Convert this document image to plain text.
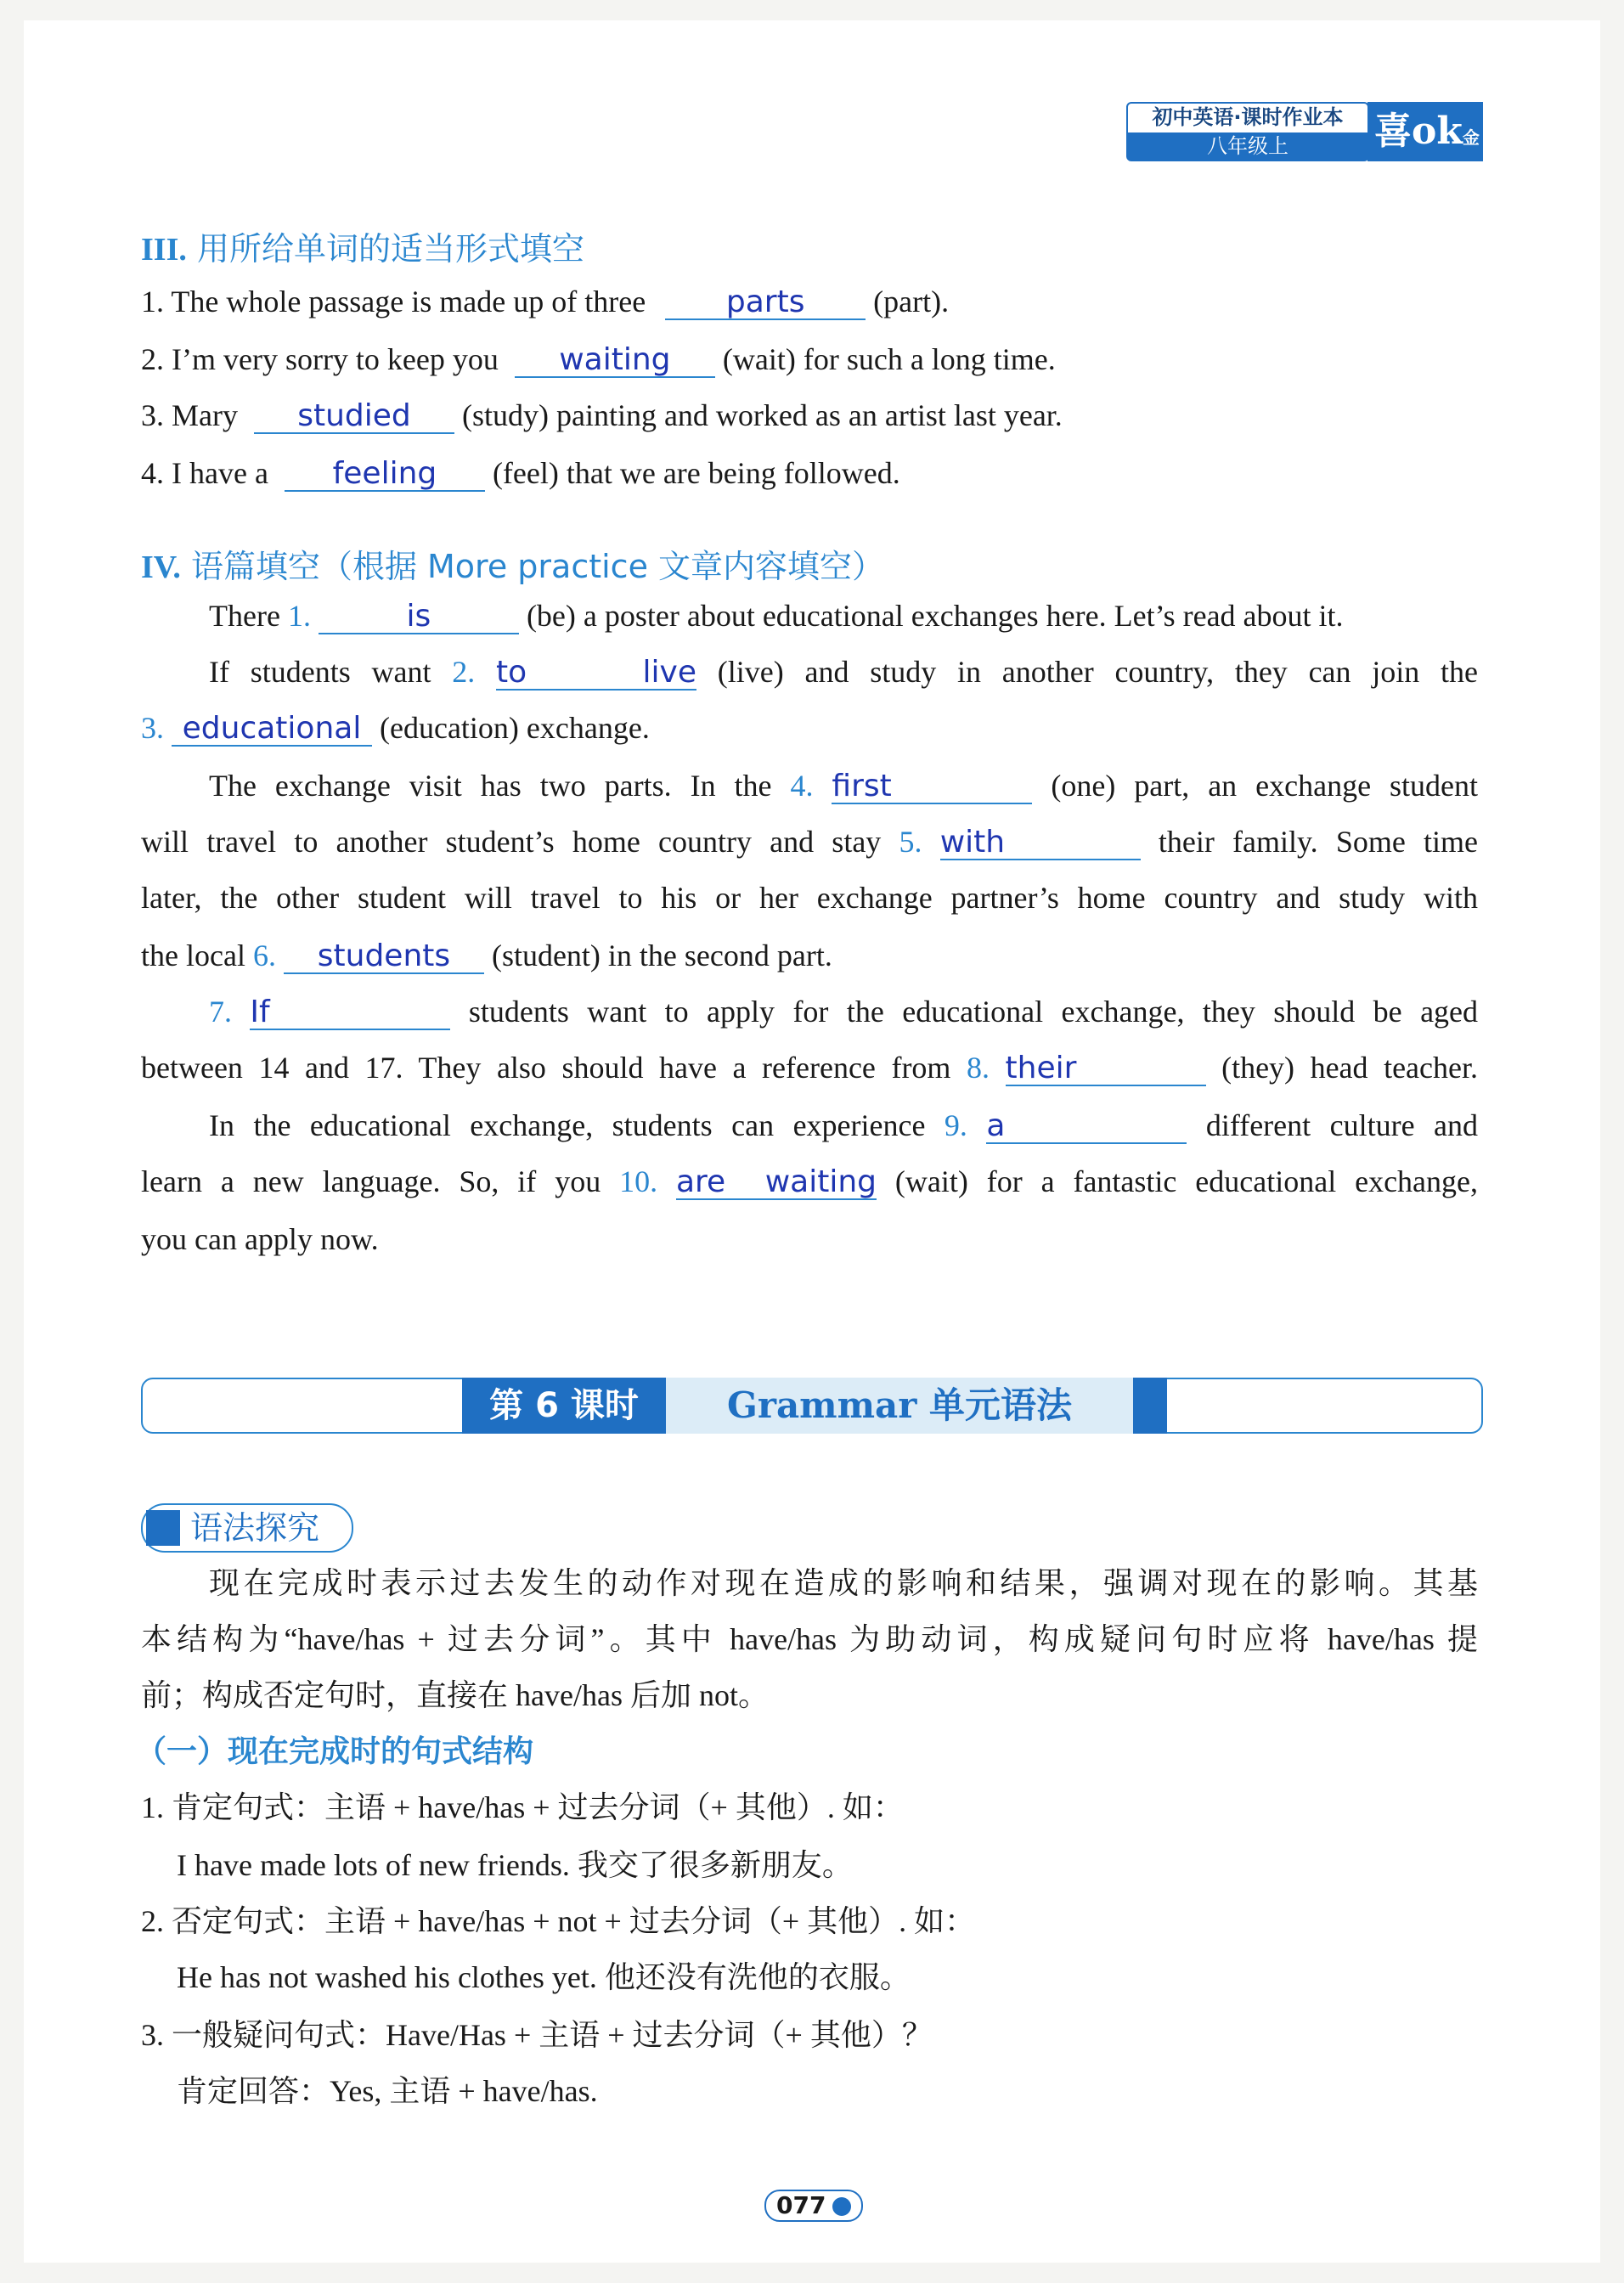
初中英语·课时作业本
八年级上	喜ok金卷
III. 用所给单词的适当形式填空
1. The whole passage is made up of three	parts (part).
2. I’m very sorry to keep you waiting (wait) for such a long time.
3. Mary studied (study) painting and worked as an artist last year.
4. I have a feeling (feel) that we are being followed.
IV. 语篇填空（根据 More practice 文章内容填空）
There 1.	is	(be) a poster about educational exchanges here. Let’s read about it.
If students want 2. to live (live) and study in another country, they can join the
3. educational (education) exchange.
The exchange visit has two parts. In the 4. first	(one) part, an exchange student
will travel to another student’s home country and stay 5. with	their family. Some time
later, the other student will travel to his or her exchange partner’s home country and study with
the local 6. students (student) in the second part.
7. If	students want to apply for the educational exchange, they should be aged
between 14 and 17. They also should have a reference from 8. their	(they) head teacher.
In the educational exchange, students can experience 9. a	different culture and
learn a new language. So, if you 10. are waiting (wait) for a fantastic educational exchange,
you can apply now.
第 6 课时	Grammar 单元语法
语法探究
现在完成时表示过去发生的动作对现在造成的影响和结果，强调对现在的影响。其基
本结构为“have/has + 过去分词”。其中 have/has 为助动词，构成疑问句时应将 have/has 提
前；构成否定句时，直接在 have/has 后加 not。
（一）现在完成时的句式结构
1. 肯定句式：主语 + have/has + 过去分词（+ 其他）. 如：
I have made lots of new friends. 我交了很多新朋友。
2. 否定句式：主语 + have/has + not + 过去分词（+ 其他）. 如：
He has not washed his clothes yet. 他还没有洗他的衣服。
3. 一般疑问句式：Have/Has + 主语 + 过去分词（+ 其他）？
肯定回答：Yes, 主语 + have/has.
077
